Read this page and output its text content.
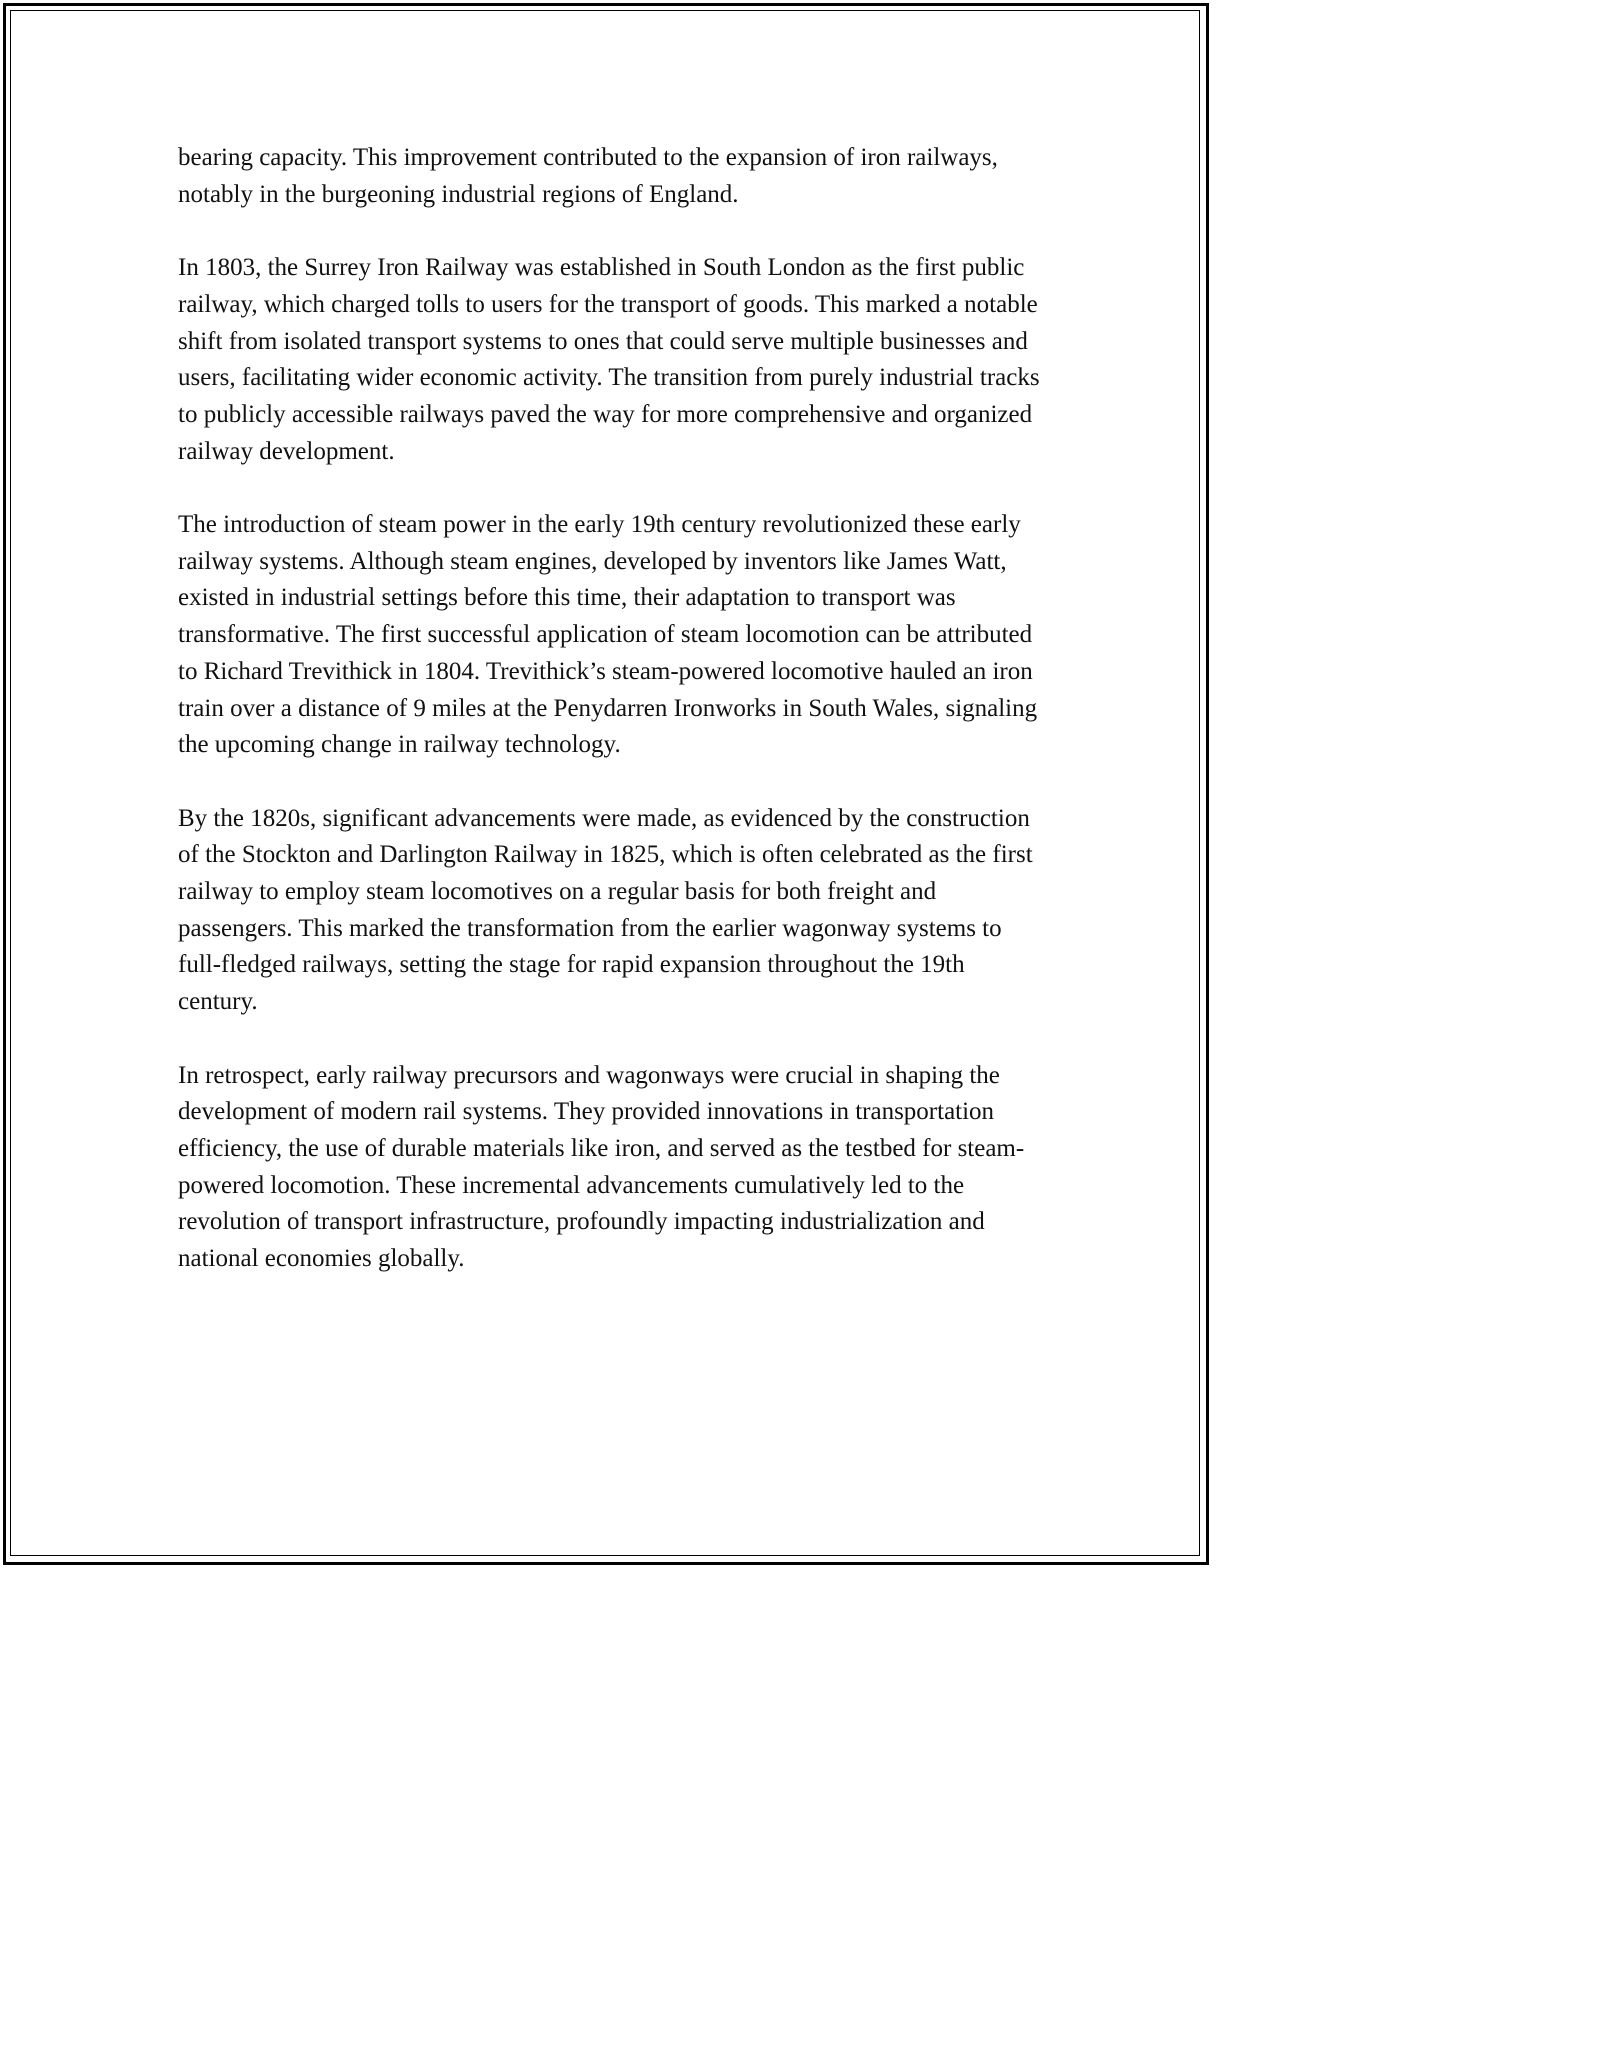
bearing capacity. This improvement contributed to the expansion of iron railways, notably in the burgeoning industrial regions of England.

In 1803, the Surrey Iron Railway was established in South London as the first public railway, which charged tolls to users for the transport of goods. This marked a notable shift from isolated transport systems to ones that could serve multiple businesses and users, facilitating wider economic activity. The transition from purely industrial tracks to publicly accessible railways paved the way for more comprehensive and organized railway development.

The introduction of steam power in the early 19th century revolutionized these early railway systems. Although steam engines, developed by inventors like James Watt, existed in industrial settings before this time, their adaptation to transport was transformative. The first successful application of steam locomotion can be attributed to Richard Trevithick in 1804. Trevithick’s steam-powered locomotive hauled an iron train over a distance of 9 miles at the Penydarren Ironworks in South Wales, signaling the upcoming change in railway technology.

By the 1820s, significant advancements were made, as evidenced by the construction of the Stockton and Darlington Railway in 1825, which is often celebrated as the first railway to employ steam locomotives on a regular basis for both freight and passengers. This marked the transformation from the earlier wagonway systems to full-fledged railways, setting the stage for rapid expansion throughout the 19th century.

In retrospect, early railway precursors and wagonways were crucial in shaping the development of modern rail systems. They provided innovations in transportation efficiency, the use of durable materials like iron, and served as the testbed for steam-powered locomotion. These incremental advancements cumulatively led to the revolution of transport infrastructure, profoundly impacting industrialization and national economies globally.
